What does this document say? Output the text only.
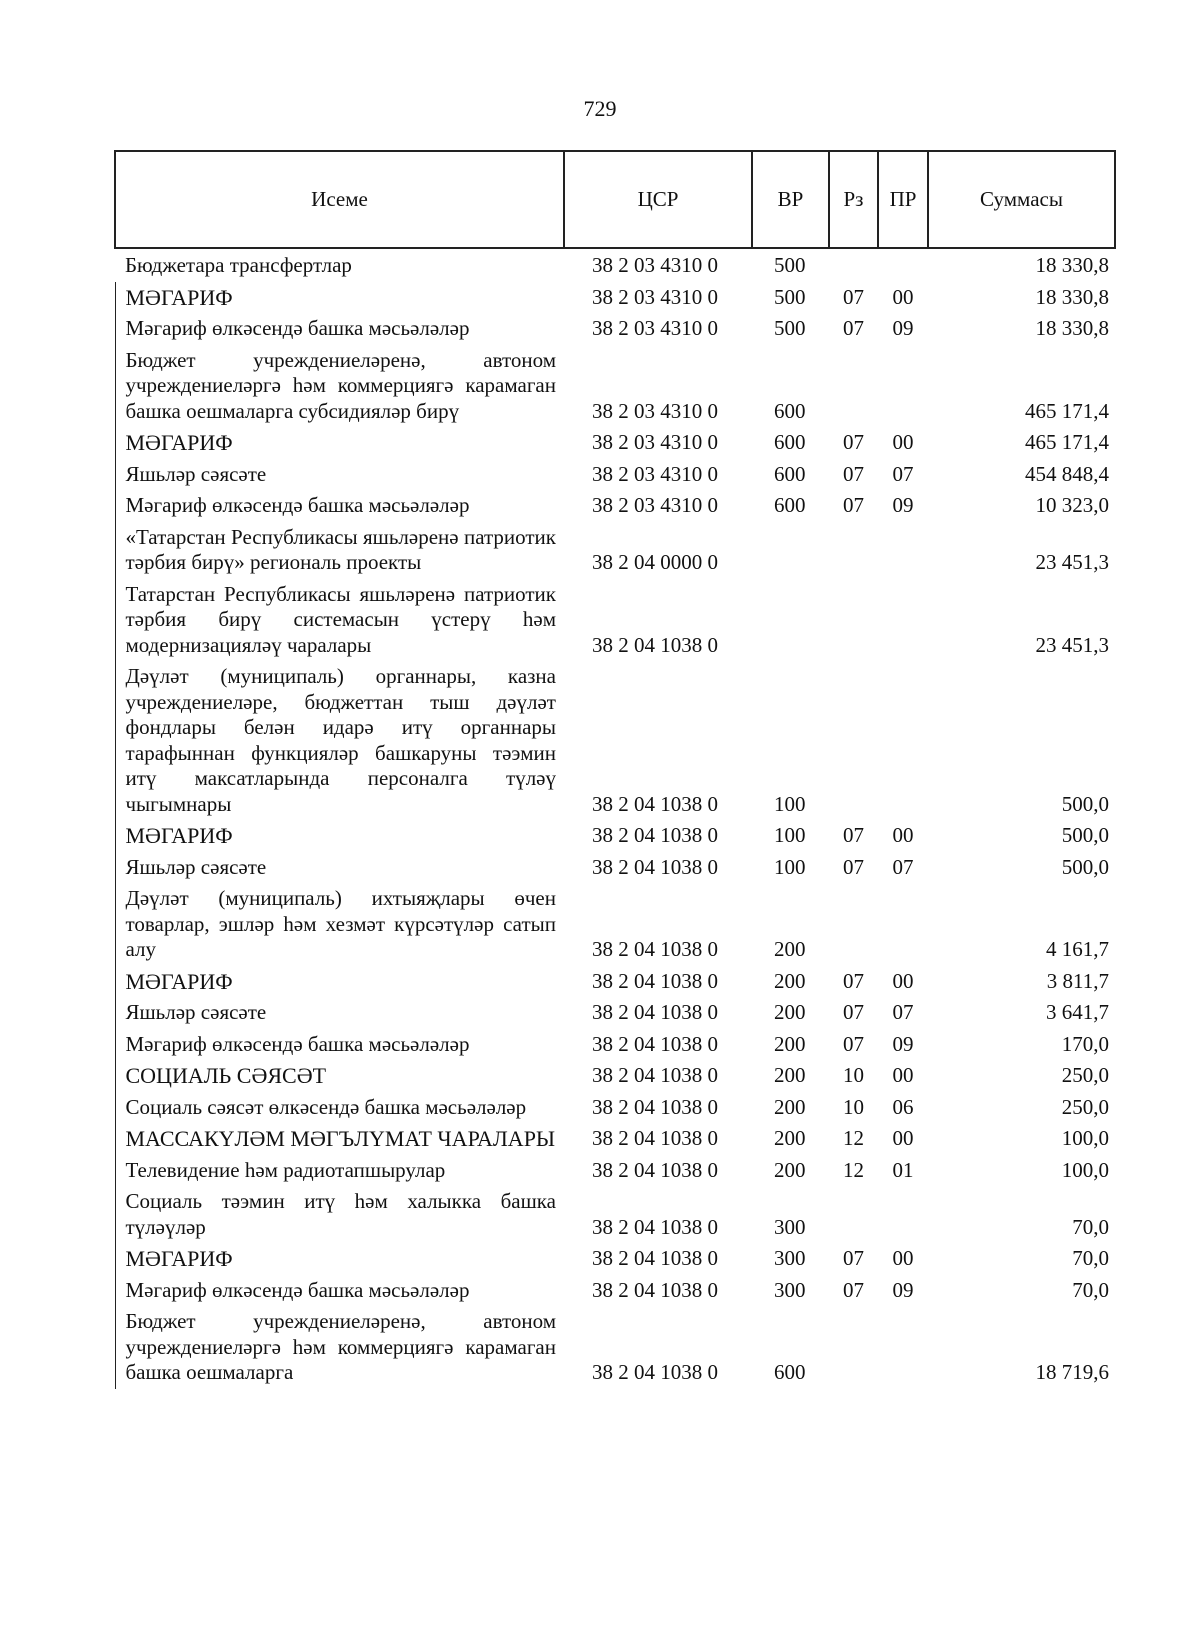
729
Исеме	ЦСР	ВР	Рз	ПР	Суммасы
Бюджетара трансфертлар	38 2 03 4310 0	500			18 330,8
МӘГАРИФ	38 2 03 4310 0	500	07	00	18 330,8
Мәгариф өлкәсендә башка мәсьәләләр	38 2 03 4310 0	500	07	09	18 330,8
Бюджет учреждениеләренә, автоном учреждениеләргә һәм коммерциягә карамаган башка оешмаларга субсидияләр бирү	38 2 03 4310 0	600			465 171,4
МӘГАРИФ	38 2 03 4310 0	600	07	00	465 171,4
Яшьләр сәясәте	38 2 03 4310 0	600	07	07	454 848,4
Мәгариф өлкәсендә башка мәсьәләләр	38 2 03 4310 0	600	07	09	10 323,0
«Татарстан Республикасы яшьләренә патриотик тәрбия бирү» региональ проекты	38 2 04 0000 0				23 451,3
Татарстан Республикасы яшьләренә патриотик тәрбия бирү системасын үстерү һәм модернизацияләү чаралары	38 2 04 1038 0				23 451,3
Дәүләт (муниципаль) органнары, казна учреждениеләре, бюджеттан тыш дәүләт фондлары белән идарә итү органнары тарафыннан функцияләр башкаруны тәэмин итү максатларында персоналга түләү чыгымнары	38 2 04 1038 0	100			500,0
МӘГАРИФ	38 2 04 1038 0	100	07	00	500,0
Яшьләр сәясәте	38 2 04 1038 0	100	07	07	500,0
Дәүләт (муниципаль) ихтыяҗлары өчен товарлар, эшләр һәм хезмәт күрсәтүләр сатып алу	38 2 04 1038 0	200			4 161,7
МӘГАРИФ	38 2 04 1038 0	200	07	00	3 811,7
Яшьләр сәясәте	38 2 04 1038 0	200	07	07	3 641,7
Мәгариф өлкәсендә башка мәсьәләләр	38 2 04 1038 0	200	07	09	170,0
СОЦИАЛЬ СӘЯСӘТ	38 2 04 1038 0	200	10	00	250,0
Социаль сәясәт өлкәсендә башка мәсьәләләр	38 2 04 1038 0	200	10	06	250,0
МАССАКҮЛӘМ МӘГЪЛҮМАТ ЧАРАЛАРЫ	38 2 04 1038 0	200	12	00	100,0
Телевидение һәм радиотапшырулар	38 2 04 1038 0	200	12	01	100,0
Социаль тәэмин итү һәм халыкка башка түләүләр	38 2 04 1038 0	300			70,0
МӘГАРИФ	38 2 04 1038 0	300	07	00	70,0
Мәгариф өлкәсендә башка мәсьәләләр	38 2 04 1038 0	300	07	09	70,0
Бюджет учреждениеләренә, автоном учреждениеләргә һәм коммерциягә карамаган башка оешмаларга	38 2 04 1038 0	600			18 719,6
